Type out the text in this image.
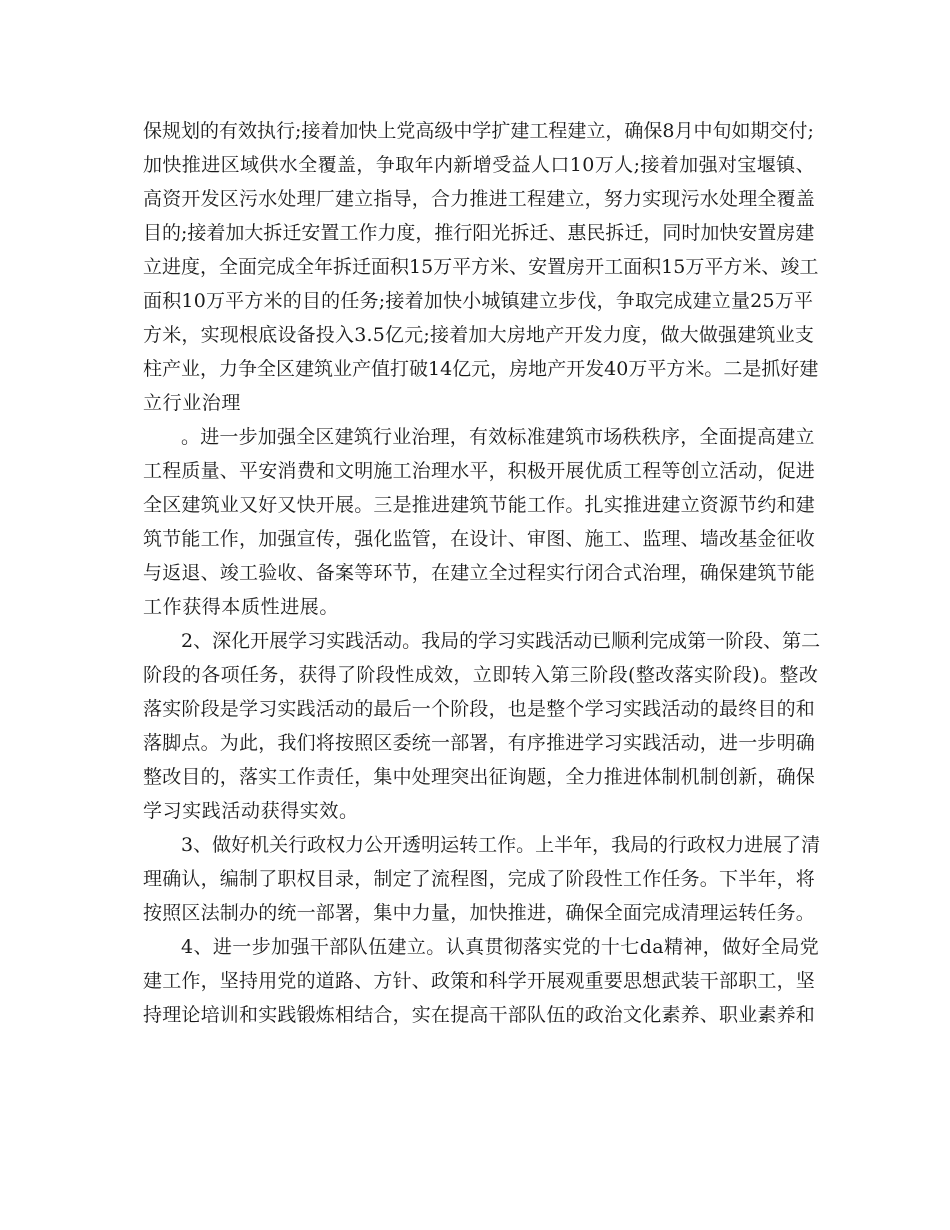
保规划的有效执行;接着加快上党高级中学扩建工程建立，确保8月中旬如期交付;
加快推进区域供水全覆盖，争取年内新增受益人口10万人;接着加强对宝堰镇、
高资开发区污水处理厂建立指导，合力推进工程建立，努力实现污水处理全覆盖
目的;接着加大拆迁安置工作力度，推行阳光拆迁、惠民拆迁，同时加快安置房建
立进度，全面完成全年拆迁面积15万平方米、安置房开工面积15万平方米、竣工
面积10万平方米的目的任务;接着加快小城镇建立步伐，争取完成建立量25万平
方米，实现根底设备投入3.5亿元;接着加大房地产开发力度，做大做强建筑业支
柱产业，力争全区建筑业产值打破14亿元，房地产开发40万平方米。二是抓好建
立行业治理
。进一步加强全区建筑行业治理，有效标准建筑市场秩秩序，全面提高建立
工程质量、平安消费和文明施工治理水平，积极开展优质工程等创立活动，促进
全区建筑业又好又快开展。三是推进建筑节能工作。扎实推进建立资源节约和建
筑节能工作，加强宣传，强化监管，在设计、审图、施工、监理、墙改基金征收
与返退、竣工验收、备案等环节，在建立全过程实行闭合式治理，确保建筑节能
工作获得本质性进展。
2、深化开展学习实践活动。我局的学习实践活动已顺利完成第一阶段、第二
阶段的各项任务，获得了阶段性成效，立即转入第三阶段(整改落实阶段)。整改
落实阶段是学习实践活动的最后一个阶段，也是整个学习实践活动的最终目的和
落脚点。为此，我们将按照区委统一部署，有序推进学习实践活动，进一步明确
整改目的，落实工作责任，集中处理突出征询题，全力推进体制机制创新，确保
学习实践活动获得实效。
3、做好机关行政权力公开透明运转工作。上半年，我局的行政权力进展了清
理确认，编制了职权目录，制定了流程图，完成了阶段性工作任务。下半年，将
按照区法制办的统一部署，集中力量，加快推进，确保全面完成清理运转任务。
4、进一步加强干部队伍建立。认真贯彻落实党的十七da精神，做好全局党
建工作，坚持用党的道路、方针、政策和科学开展观重要思想武装干部职工，坚
持理论培训和实践锻炼相结合，实在提高干部队伍的政治文化素养、职业素养和
